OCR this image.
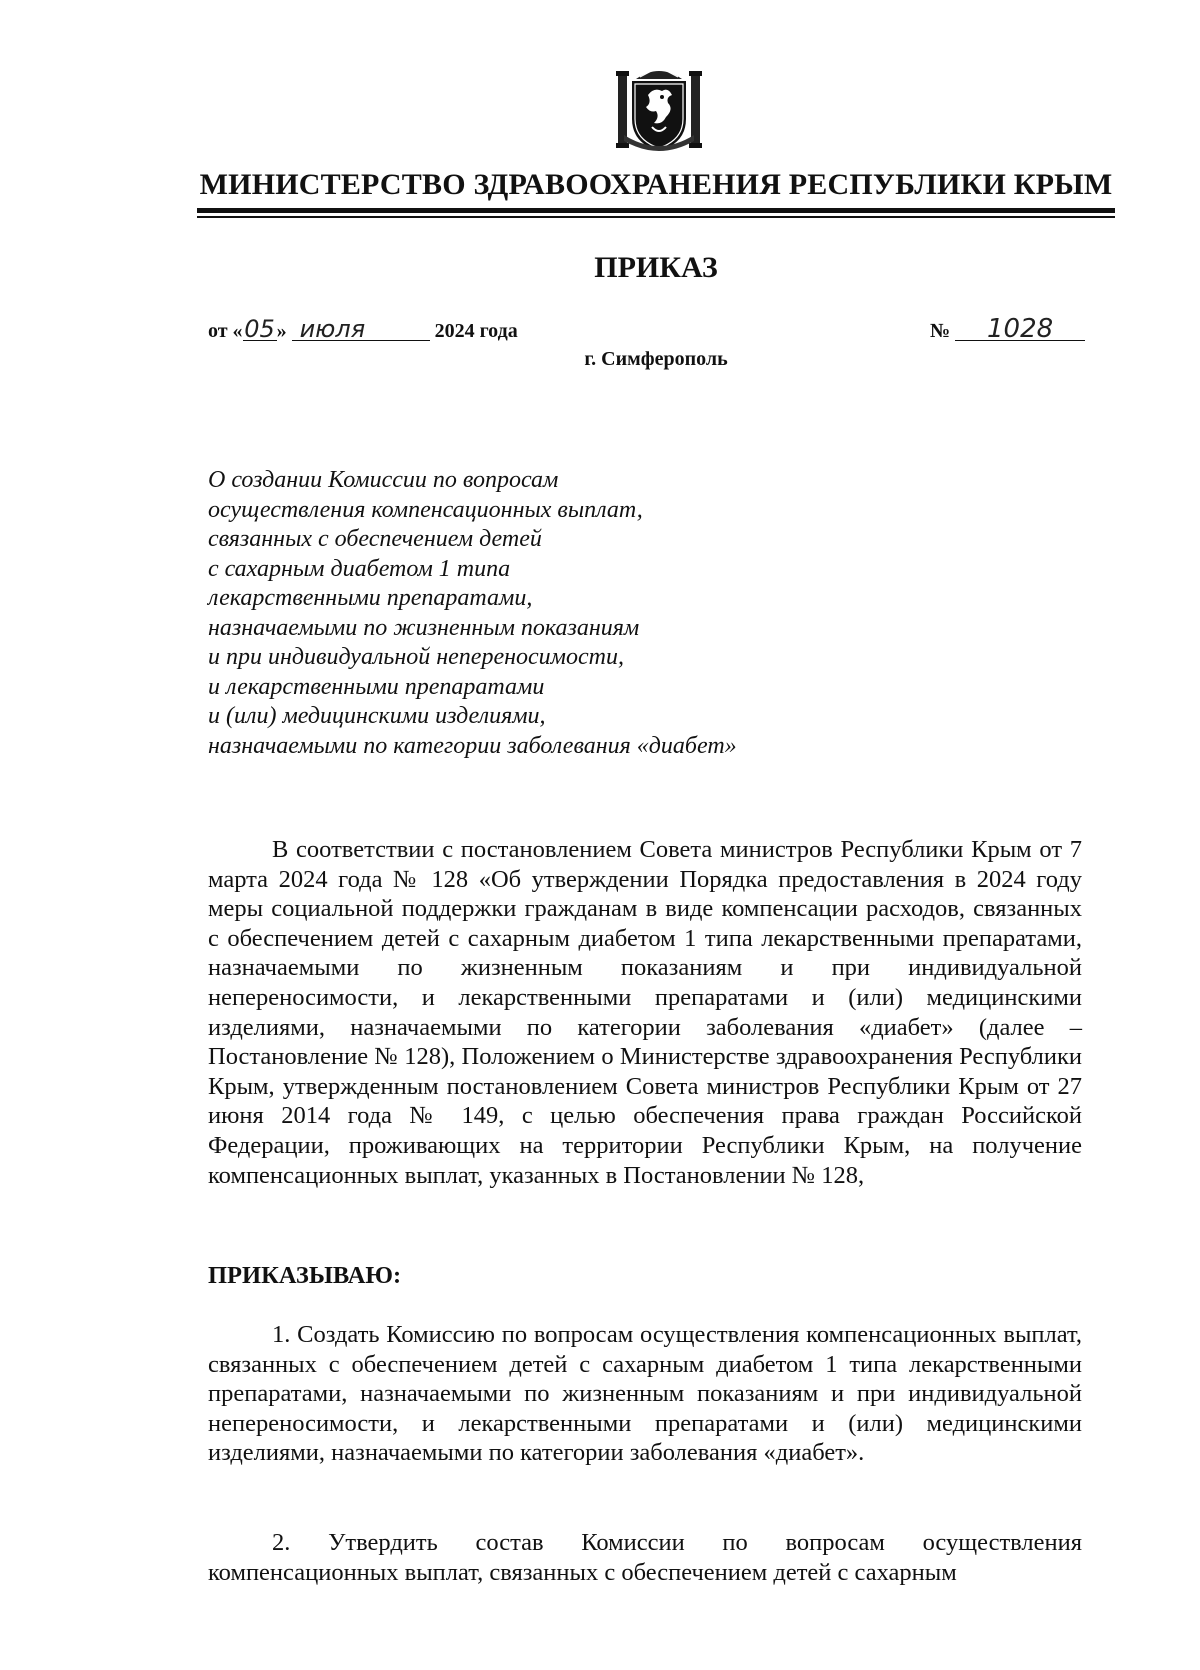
МИНИСТЕРСТВО ЗДРАВООХРАНЕНИЯ РЕСПУБЛИКИ КРЫМ
ПРИКАЗ
от «05» июля	2024 года	№ 1028
г. Симферополь
О создании Комиссии по вопросам
осуществления компенсационных выплат,
связанных с обеспечением детей
с сахарным диабетом 1 типа
лекарственными препаратами,
назначаемыми по жизненным показаниям
и при индивидуальной непереносимости,
и лекарственными препаратами
и (или) медицинскими изделиями,
назначаемыми по категории заболевания «диабет»
В соответствии с постановлением Совета министров Республики Крым от 7 марта 2024 года № 128 «Об утверждении Порядка предоставления в 2024 году меры социальной поддержки гражданам в виде компенсации расходов, связанных с обеспечением детей с сахарным диабетом 1 типа лекарственными препаратами, назначаемыми по жизненным показаниям и при индивидуальной непереносимости, и лекарственными препаратами и (или) медицинскими изделиями, назначаемыми по категории заболевания «диабет» (далее – Постановление № 128), Положением о Министерстве здравоохранения Республики Крым, утвержденным постановлением Совета министров Республики Крым от 27 июня 2014 года № 149, с целью обеспечения права граждан Российской Федерации, проживающих на территории Республики Крым, на получение компенсационных выплат, указанных в Постановлении № 128,
ПРИКАЗЫВАЮ:
1. Создать Комиссию по вопросам осуществления компенсационных выплат, связанных с обеспечением детей с сахарным диабетом 1 типа лекарственными препаратами, назначаемыми по жизненным показаниям и при индивидуальной непереносимости, и лекарственными препаратами и (или) медицинскими изделиями, назначаемыми по категории заболевания «диабет».
2. Утвердить состав Комиссии по вопросам осуществления компенсационных выплат, связанных с обеспечением детей с сахарным
